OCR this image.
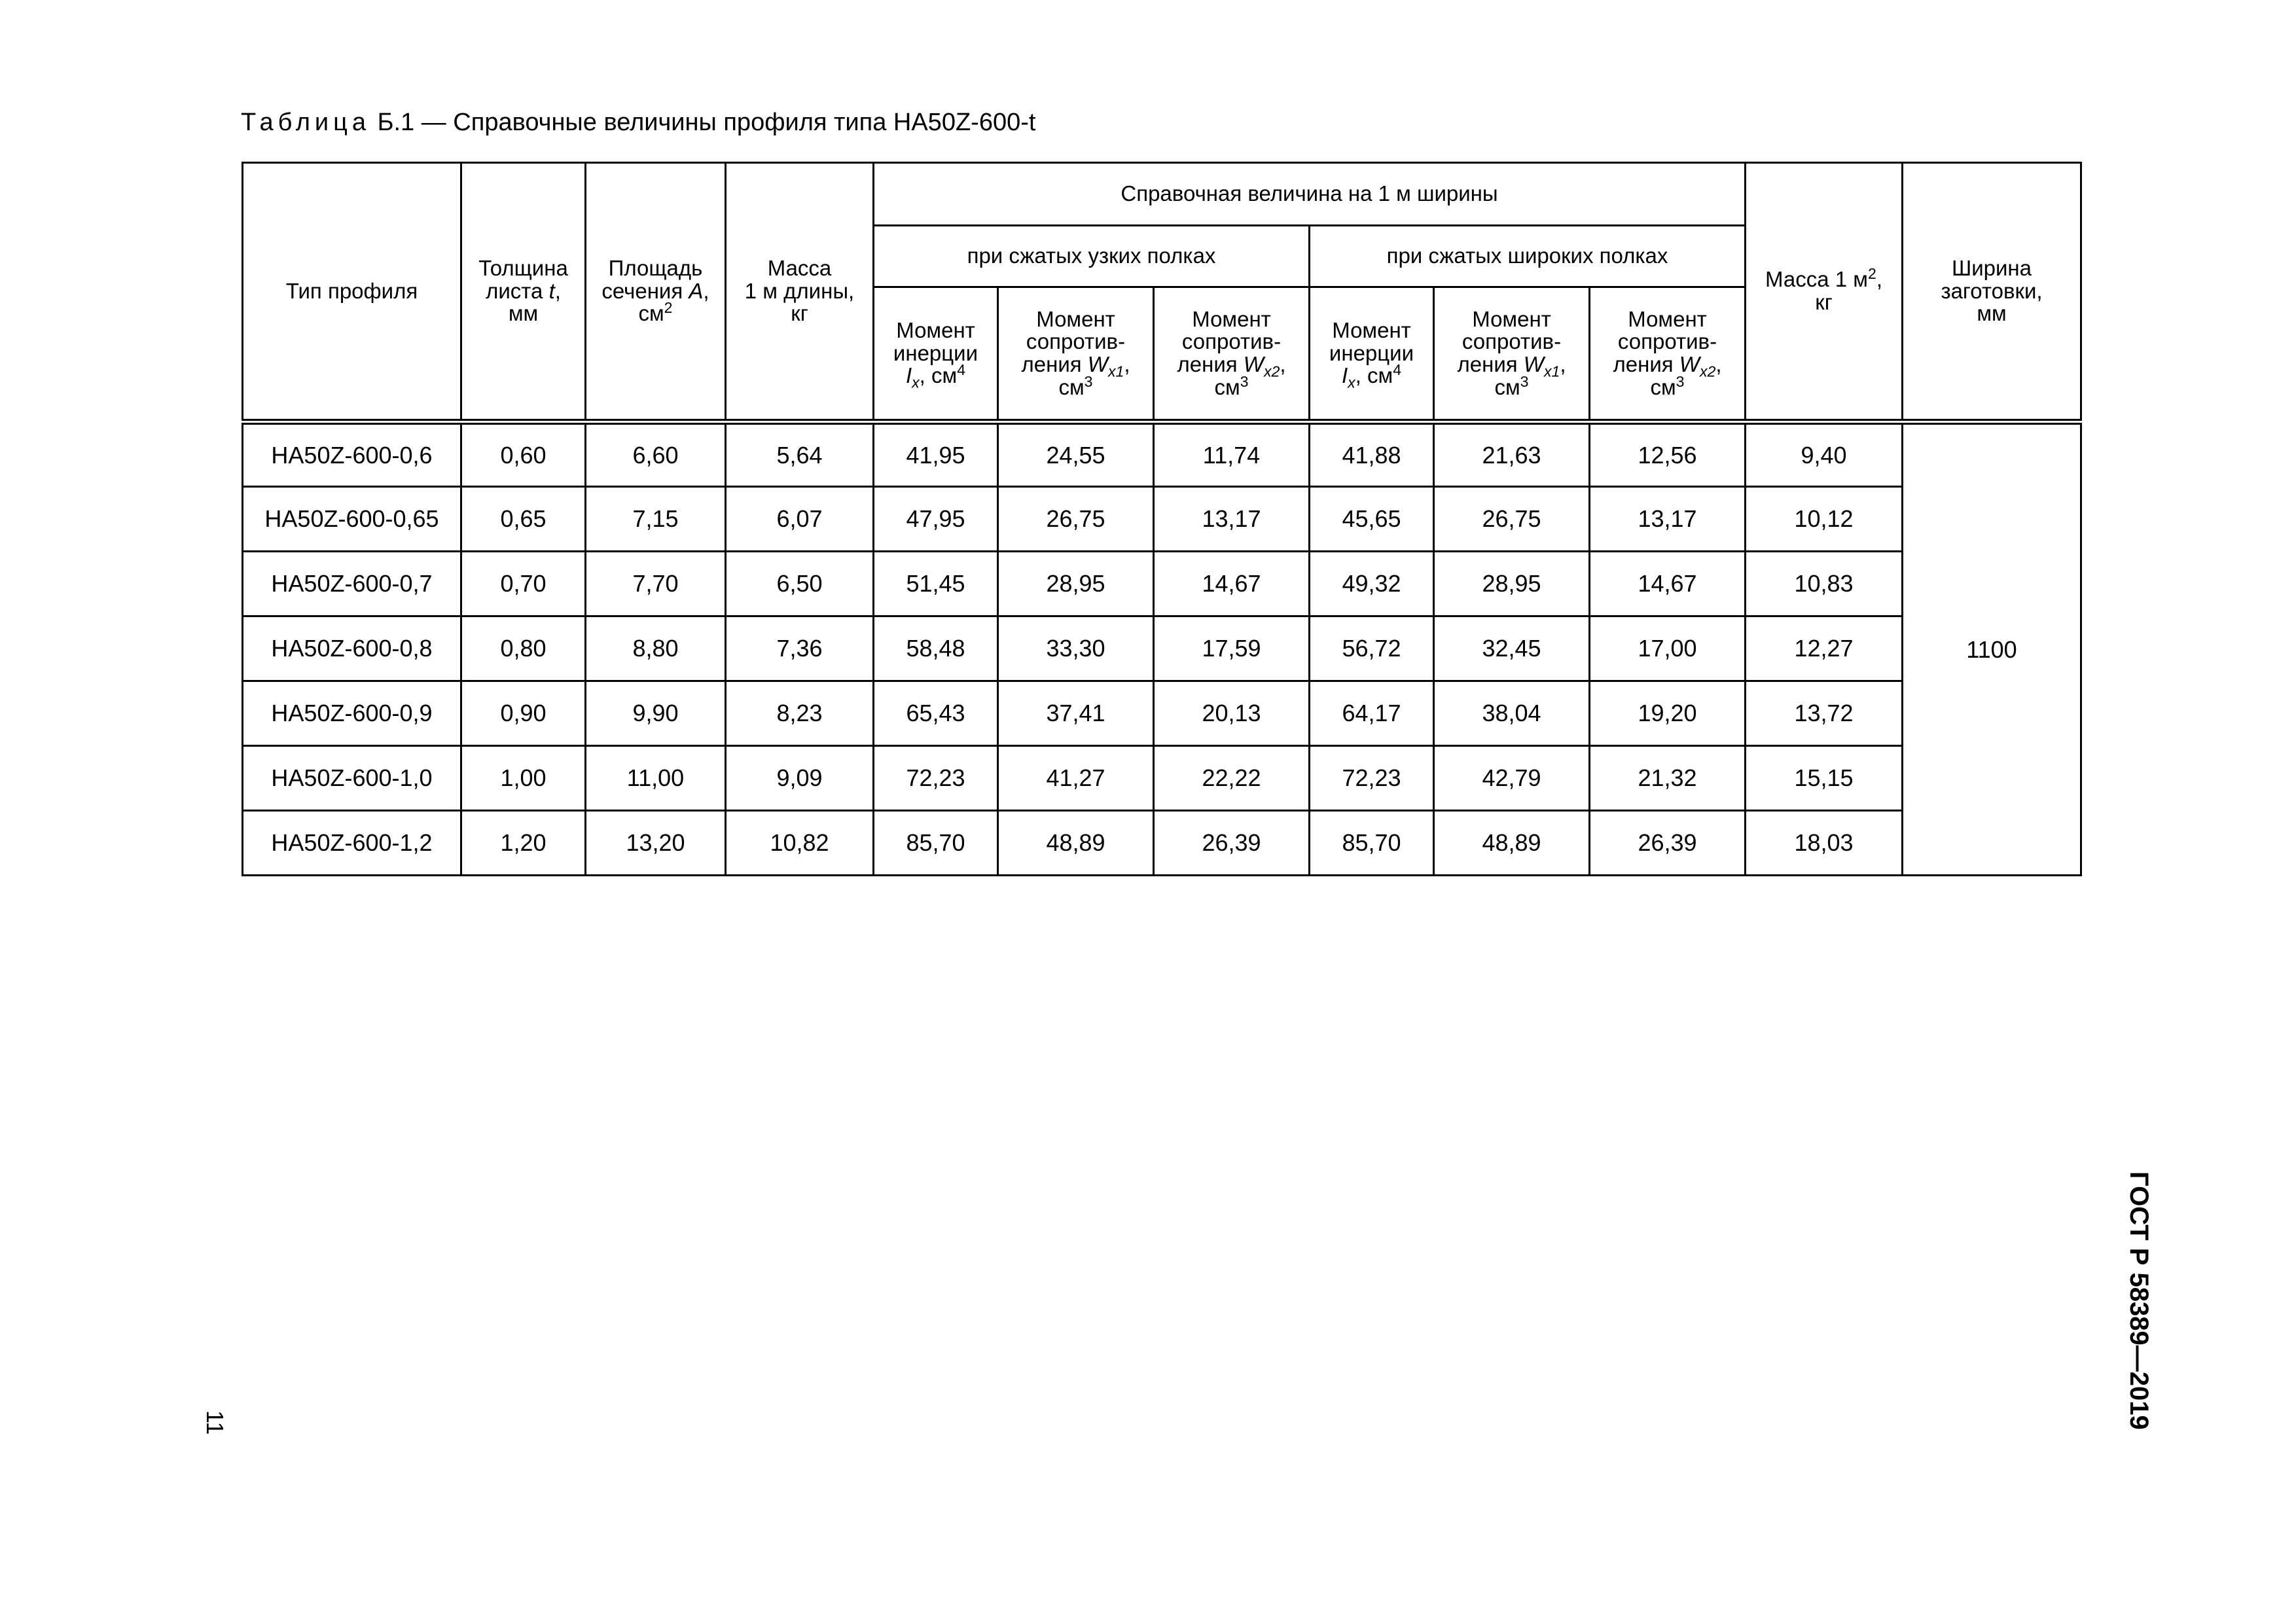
Таблица Б.1 — Справочные величины профиля типа НА50Z-600-t
Тип профиля	Толщина
листа t,
мм	Площадь
сечения A,
$см^2$	Масса
1 м длины,
кг	Справочная величина на 1 м ширины						Масса 1 $м^2$,
кг	Ширина
заготовки,
мм

				при сжатых узких полках			при сжатых широких полках				

				Момент
инерции
$I_x$, $см^4$	Момент
сопротив-
ления $W_{x1}$,
$см^3$	Момент
сопротив-
ления $W_{x2}$,
$см^3$	Момент
инерции
$I_x$, $см^4$	Момент
сопротив-
ления $W_{x1}$,
$см^3$	Момент
сопротив-
ления $W_{x2}$,
$см^3$

НА50Z-600-0,6	0,60	6,60	5,64	41,95	24,55	11,74	41,88	21,63	12,56	9,40	1100
НА50Z-600-0,65	0,65	7,15	6,07	47,95	26,75	13,17	45,65	26,75	13,17	10,12	
НА50Z-600-0,7	0,70	7,70	6,50	51,45	28,95	14,67	49,32	28,95	14,67	10,83	
НА50Z-600-0,8	0,80	8,80	7,36	58,48	33,30	17,59	56,72	32,45	17,00	12,27	
НА50Z-600-0,9	0,90	9,90	8,23	65,43	37,41	20,13	64,17	38,04	19,20	13,72	
НА50Z-600-1,0	1,00	11,00	9,09	72,23	41,27	22,22	72,23	42,79	21,32	15,15	
НА50Z-600-1,2	1,20	13,20	10,82	85,70	48,89	26,39	85,70	48,89	26,39	18,03	
ГОСТ Р 58389—2019
11
